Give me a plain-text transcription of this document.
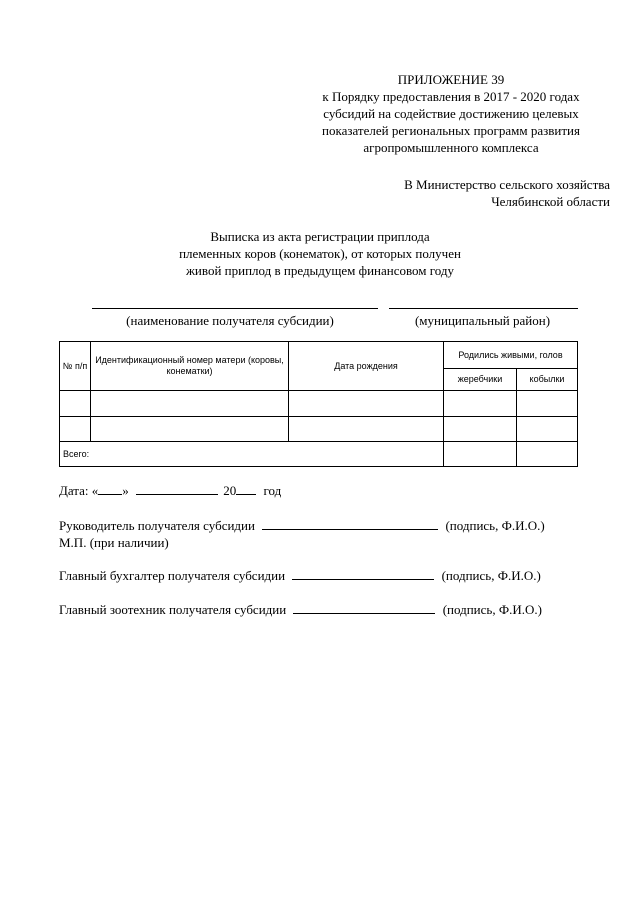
ПРИЛОЖЕНИЕ 39
к Порядку предоставления в 2017 - 2020 годах
субсидий на содействие достижению целевых
показателей региональных программ развития
агропромышленного комплекса
В Министерство сельского хозяйства
Челябинской области
Выписка из акта регистрации приплода
племенных коров (конематок), от которых получен
живой приплод в предыдущем финансовом году
(наименование получателя субсидии)	(муниципальный район)
№ п/п	Идентификационный номер матери (коровы, конематки)	Дата рождения	Родились живыми, голов	
			жеребчики	кобылки

Всего:				
Дата: « »	20 год
Руководитель получателя субсидии	(подпись, Ф.И.О.)
М.П. (при наличии)
Главный бухгалтер получателя субсидии	(подпись, Ф.И.О.)
Главный зоотехник получателя субсидии	(подпись, Ф.И.О.)
